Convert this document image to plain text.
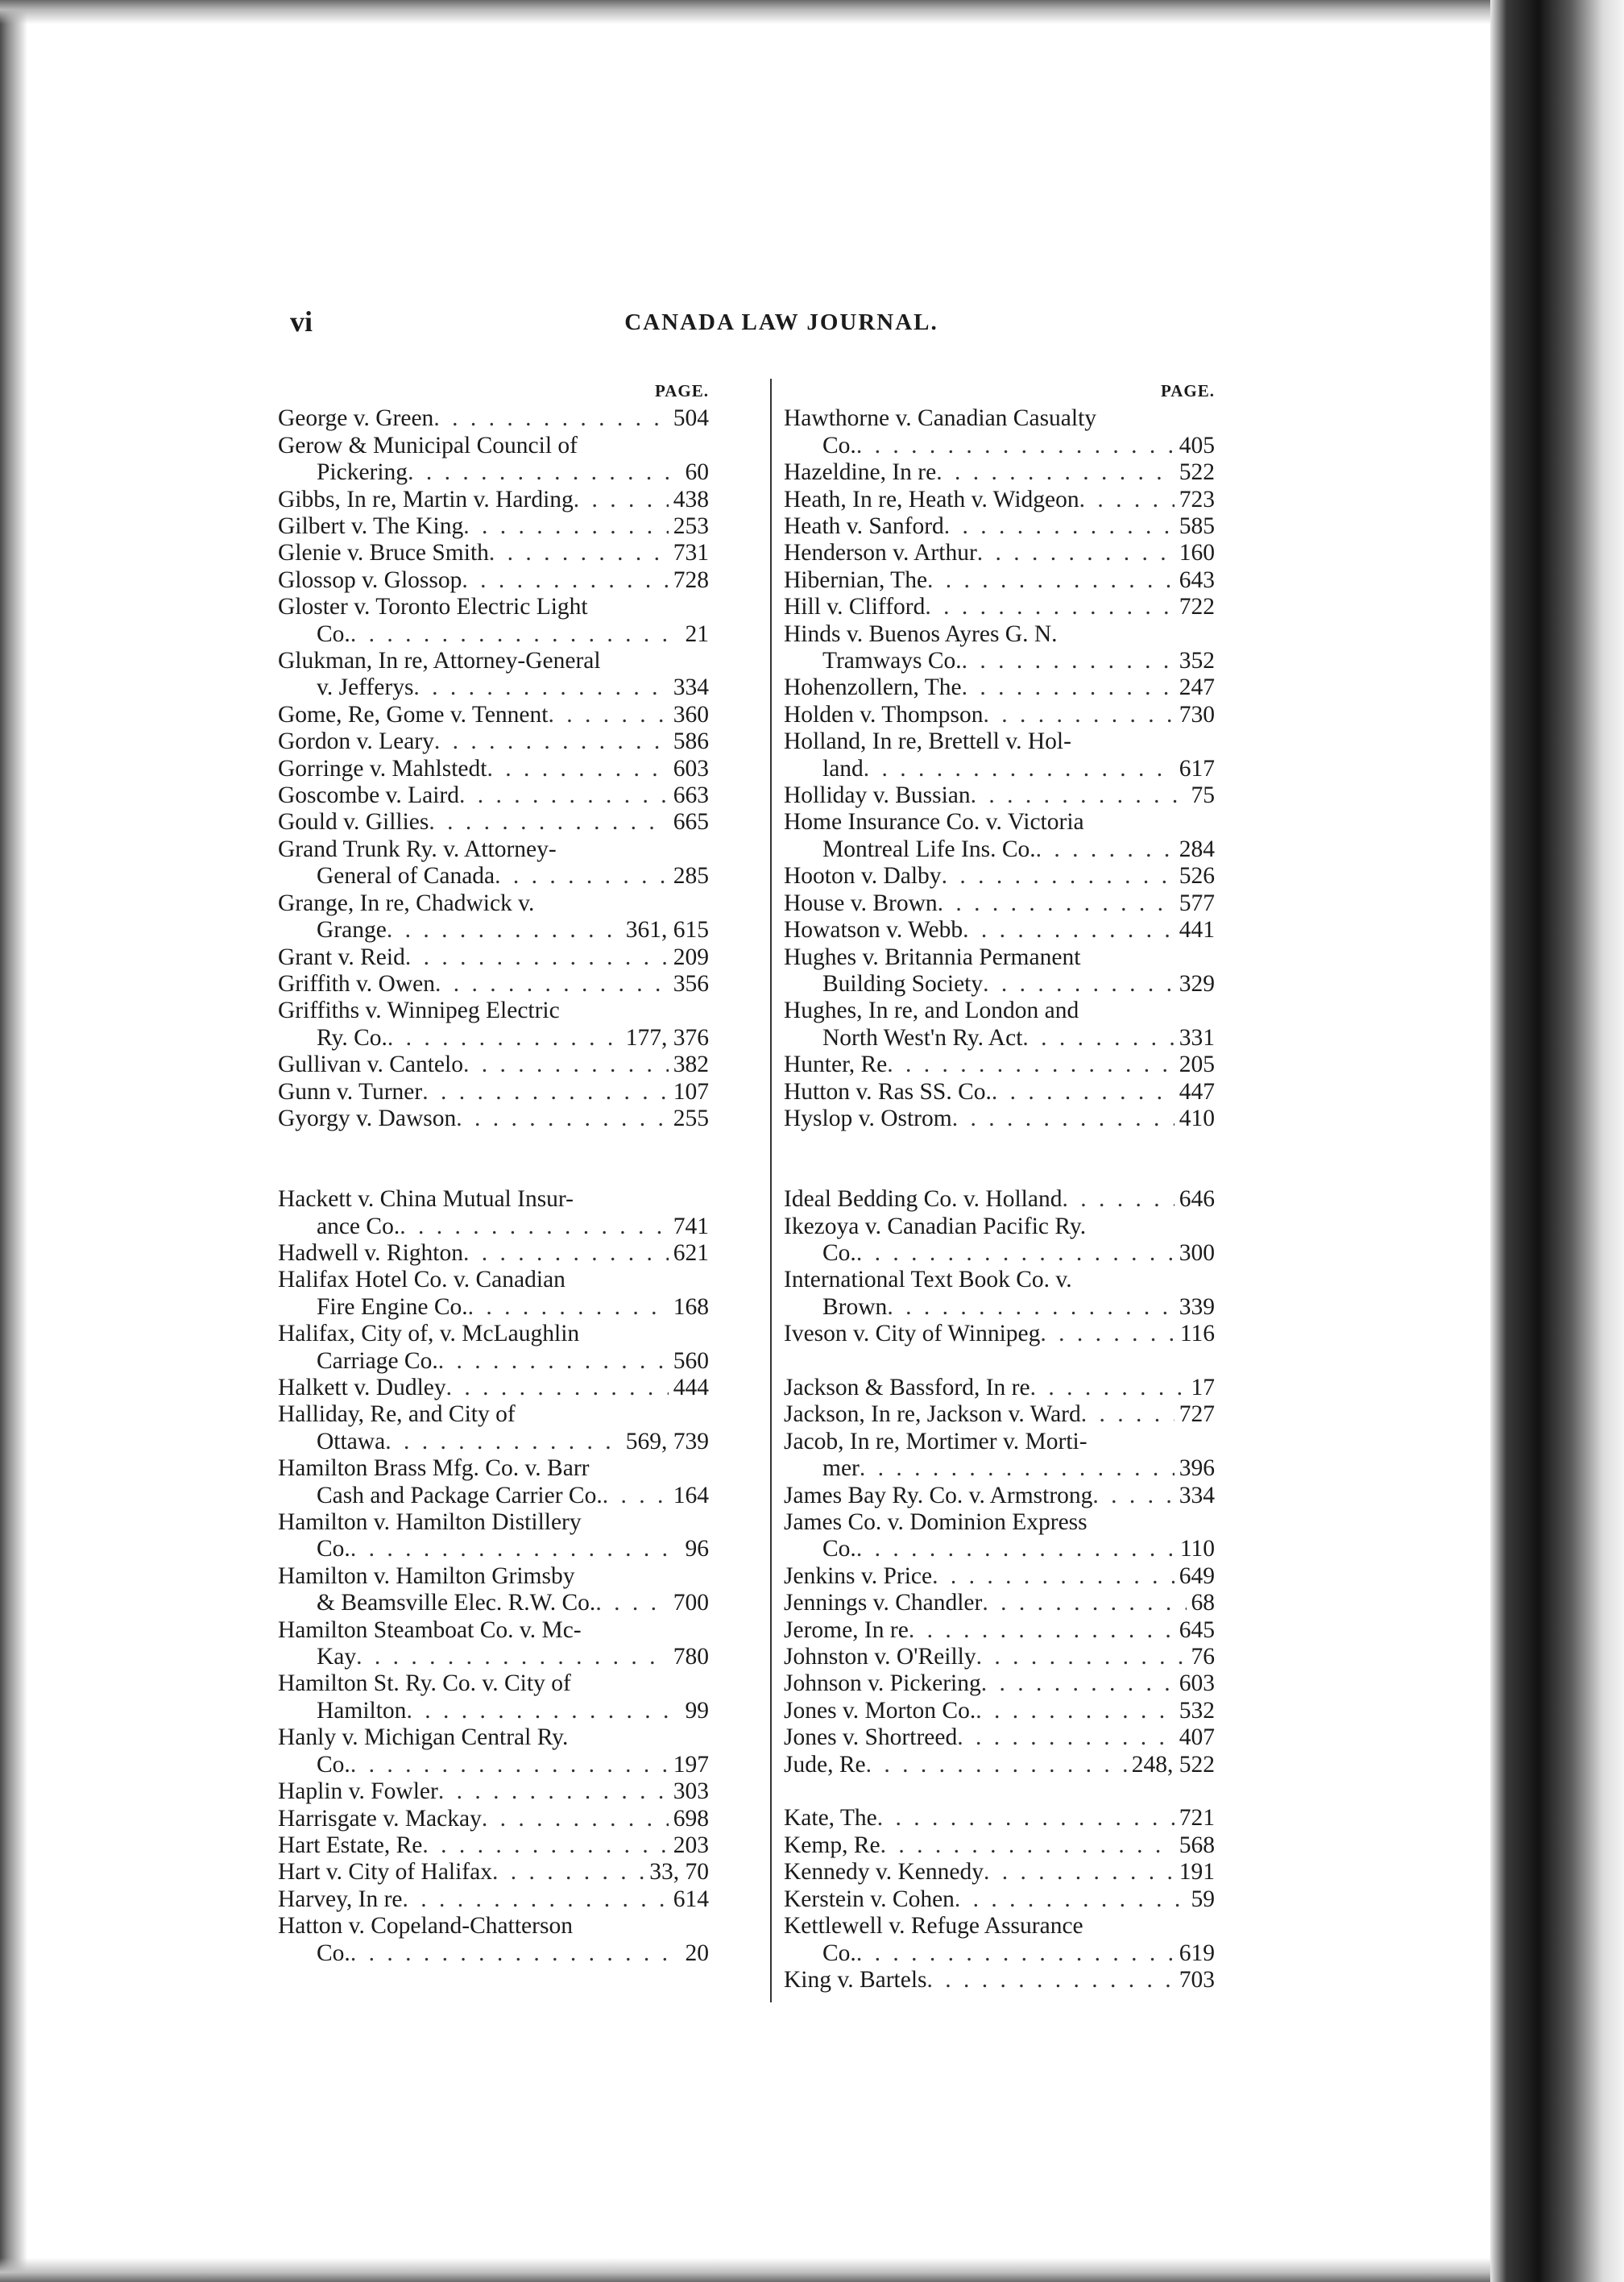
vi	CANADA LAW JOURNAL.
PAGE.
George v. Green . . .	504
Gerow & Municipal Council of
Pickering . . .	60
Gibbs, In re, Martin v. Harding . . .	438
Gilbert v. The King . . .	253
Glenie v. Bruce Smith . . .	731
Glossop v. Glossop . . .	728
Gloster v. Toronto Electric Light
Co. . . .	21
Glukman, In re, Attorney-General
v. Jefferys . . .	334
Gome, Re, Gome v. Tennent . . .	360
Gordon v. Leary . . .	586
Gorringe v. Mahlstedt . . .	603
Goscombe v. Laird . . .	663
Gould v. Gillies . . .	665
Grand Trunk Ry. v. Attorney-
General of Canada . . .	285
Grange, In re, Chadwick v.
Grange . . .	361, 615
Grant v. Reid . . .	209
Griffith v. Owen . . .	356
Griffiths v. Winnipeg Electric
Ry. Co. . . .	177, 376
Gullivan v. Cantelo . . .	382
Gunn v. Turner . . .	107
Gyorgy v. Dawson . . .	255
Hackett v. China Mutual Insur-
ance Co. . . .	741
Hadwell v. Righton . . .	621
Halifax Hotel Co. v. Canadian
Fire Engine Co. . . .	168
Halifax, City of, v. McLaughlin
Carriage Co. . . .	560
Halkett v. Dudley . . .	444
Halliday, Re, and City of
Ottawa . . .	569, 739
Hamilton Brass Mfg. Co. v. Barr
Cash and Package Carrier Co. . . .	164
Hamilton v. Hamilton Distillery
Co. . . .	96
Hamilton v. Hamilton Grimsby
& Beamsville Elec. R.W. Co. . . .	700
Hamilton Steamboat Co. v. Mc-
Kay . . .	780
Hamilton St. Ry. Co. v. City of
Hamilton . . .	99
Hanly v. Michigan Central Ry.
Co. . . .	197
Haplin v. Fowler . . .	303
Harrisgate v. Mackay . . .	698
Hart Estate, Re . . .	203
Hart v. City of Halifax . . .	33, 70
Harvey, In re . . .	614
Hatton v. Copeland-Chatterson
Co. . . .	20
PAGE.
Hawthorne v. Canadian Casualty
Co. . . .	405
Hazeldine, In re . . .	522
Heath, In re, Heath v. Widgeon . . .	723
Heath v. Sanford . . .	585
Henderson v. Arthur . . .	160
Hibernian, The . . .	643
Hill v. Clifford . . .	722
Hinds v. Buenos Ayres G. N.
Tramways Co. . . .	352
Hohenzollern, The . . .	247
Holden v. Thompson . . .	730
Holland, In re, Brettell v. Hol-
land . . .	617
Holliday v. Bussian . . .	75
Home Insurance Co. v. Victoria
Montreal Life Ins. Co. . . .	284
Hooton v. Dalby . . .	526
House v. Brown . . .	577
Howatson v. Webb . . .	441
Hughes v. Britannia Permanent
Building Society . . .	329
Hughes, In re, and London and
North West'n Ry. Act . . .	331
Hunter, Re . . .	205
Hutton v. Ras SS. Co. . . .	447
Hyslop v. Ostrom . . .	410
Ideal Bedding Co. v. Holland . . .	646
Ikezoya v. Canadian Pacific Ry.
Co. . . .	300
International Text Book Co. v.
Brown . . .	339
Iveson v. City of Winnipeg . . .	116
Jackson & Bassford, In re . . .	17
Jackson, In re, Jackson v. Ward . . .	727
Jacob, In re, Mortimer v. Morti-
mer . . .	396
James Bay Ry. Co. v. Armstrong . . .	334
James Co. v. Dominion Express
Co. . . .	110
Jenkins v. Price . . .	649
Jennings v. Chandler . . .	68
Jerome, In re . . .	645
Johnston v. O'Reilly . . .	76
Johnson v. Pickering . . .	603
Jones v. Morton Co. . . .	532
Jones v. Shortreed . . .	407
Jude, Re . . .	248, 522
Kate, The . . .	721
Kemp, Re . . .	568
Kennedy v. Kennedy . . .	191
Kerstein v. Cohen . . .	59
Kettlewell v. Refuge Assurance
Co. . . .	619
King v. Bartels . . .	703
